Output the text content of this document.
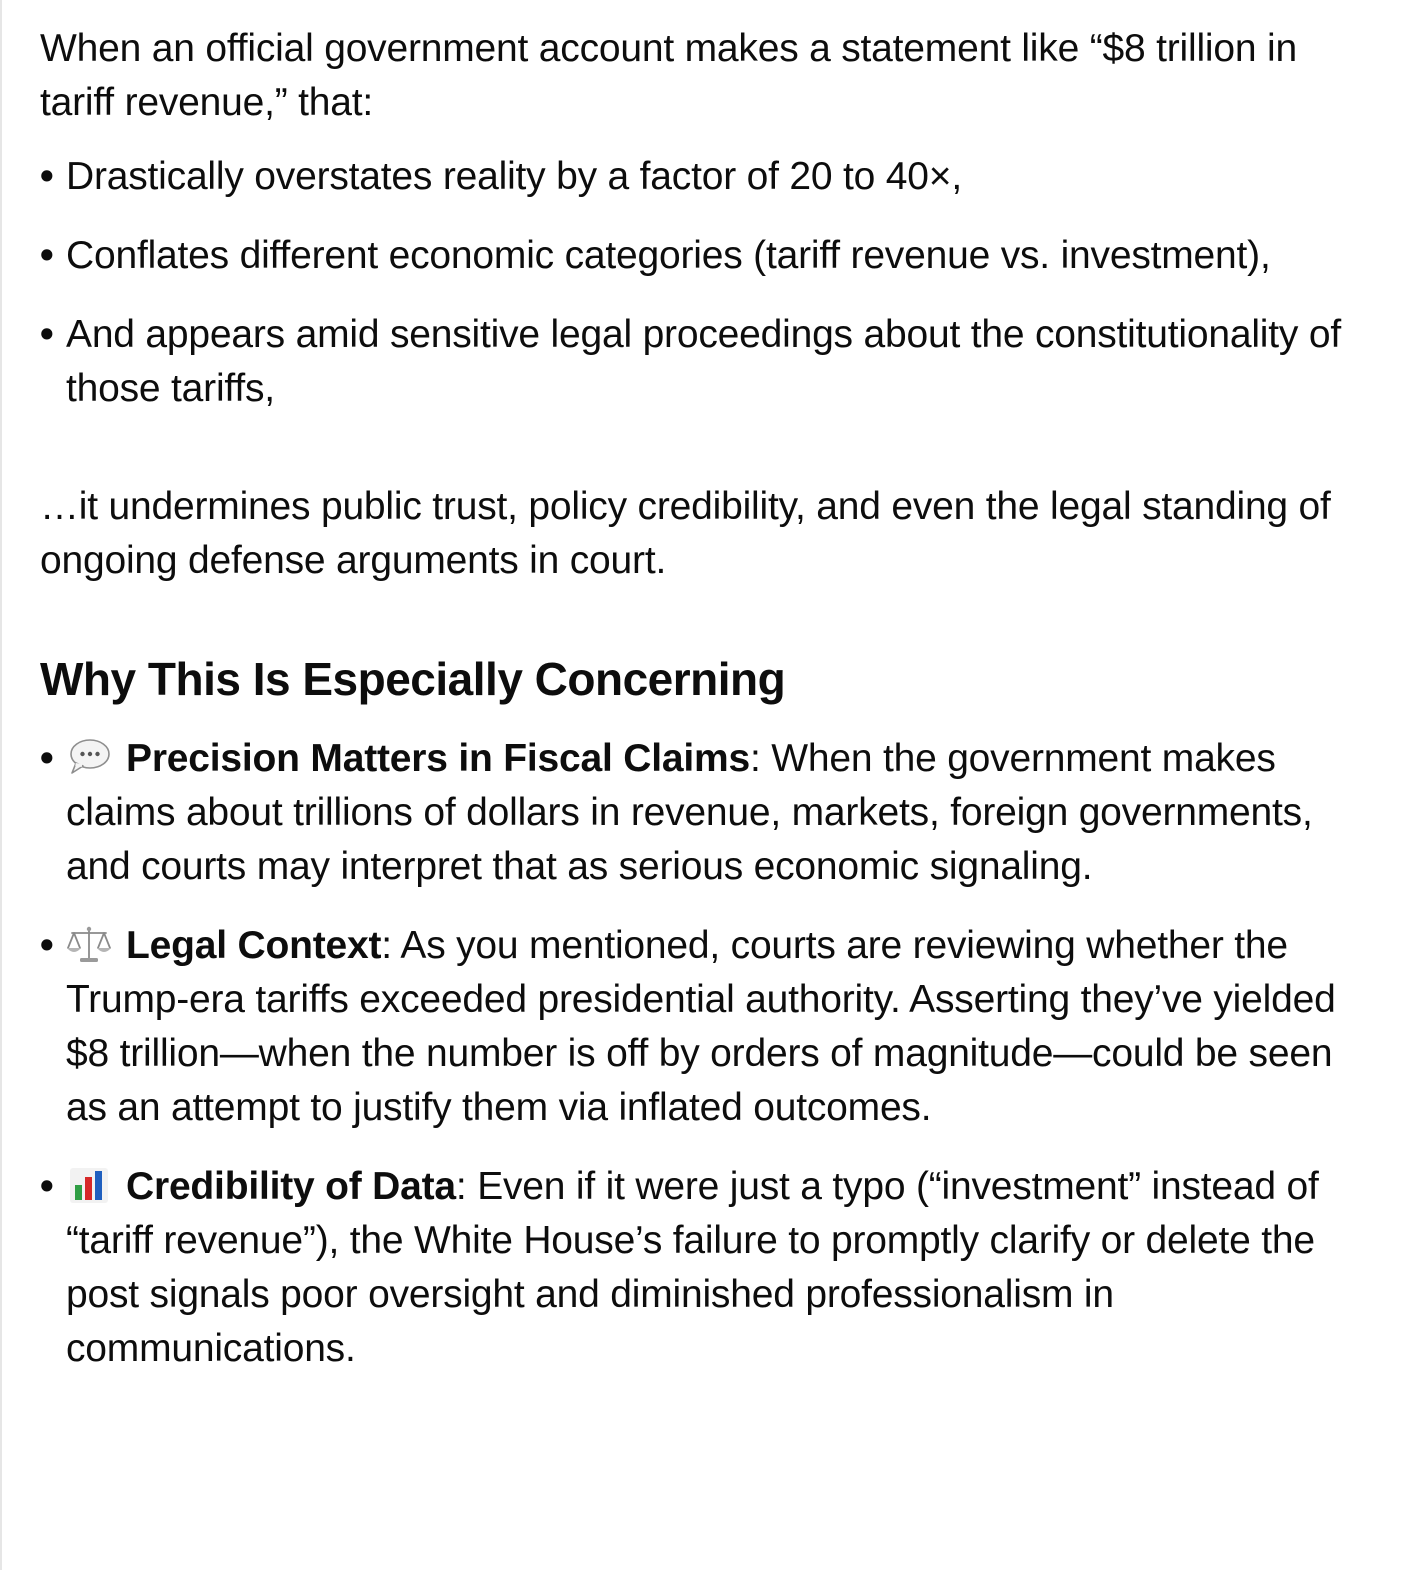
When an official government account makes a statement like “$8 trillion in tariff revenue,” that:

• Drastically overstates reality by a factor of 20 to 40×,
• Conflates different economic categories (tariff revenue vs. investment),
• And appears amid sensitive legal proceedings about the constitutionality of those tariffs,

…it undermines public trust, policy credibility, and even the legal standing of ongoing defense arguments in court.

Why This Is Especially Concerning
• Precision Matters in Fiscal Claims: When the government makes claims about trillions of dollars in revenue, markets, foreign governments, and courts may interpret that as serious economic signaling.
• Legal Context: As you mentioned, courts are reviewing whether the Trump-era tariffs exceeded presidential authority. Asserting they’ve yielded $8 trillion—when the number is off by orders of magnitude—could be seen as an attempt to justify them via inflated outcomes.
• Credibility of Data: Even if it were just a typo (“investment” instead of “tariff revenue”), the White House’s failure to promptly clarify or delete the post signals poor oversight and diminished professionalism in communications.
